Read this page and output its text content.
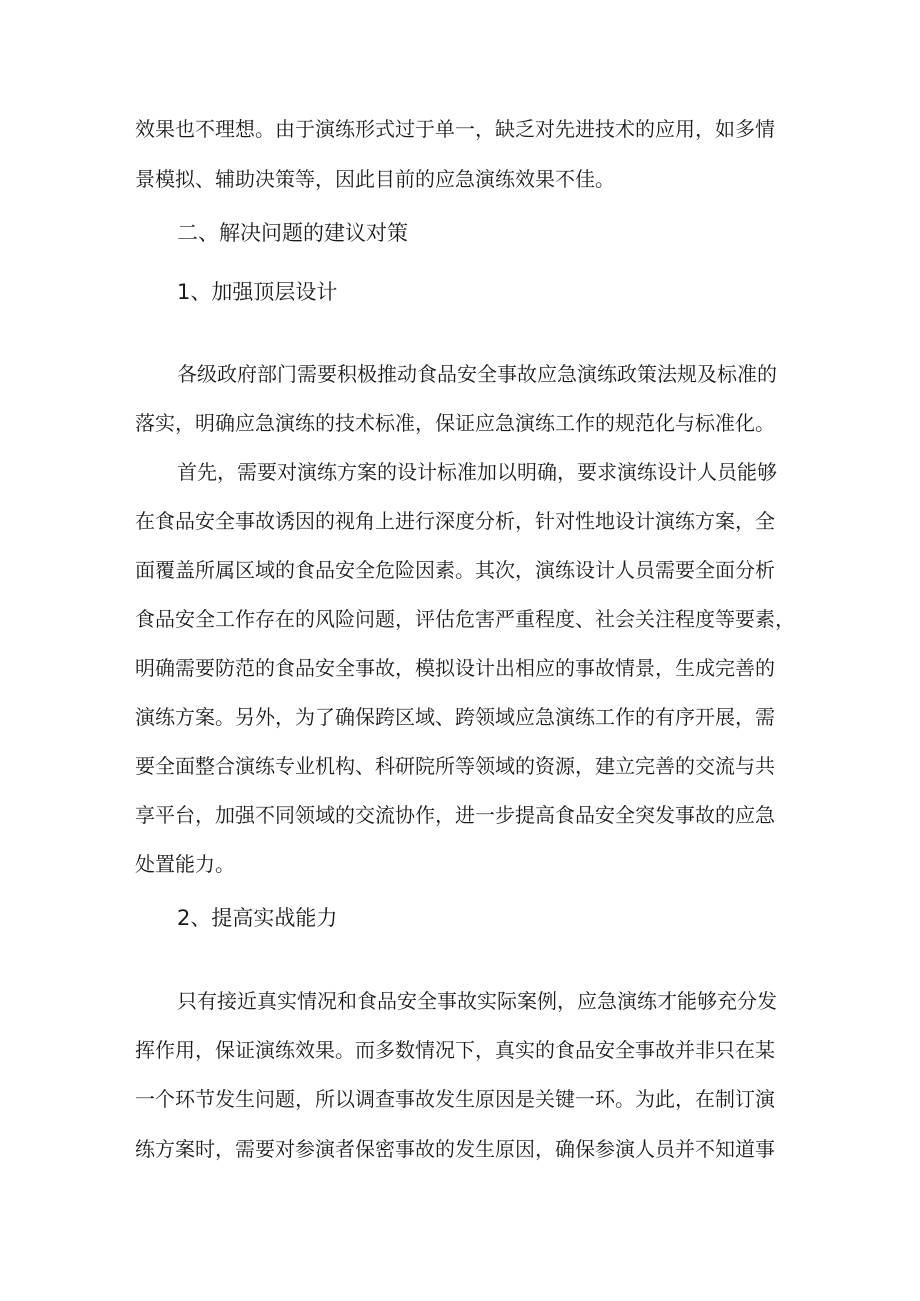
效果也不理想。由于演练形式过于单一，缺乏对先进技术的应用，如多情
景模拟、辅助决策等，因此目前的应急演练效果不佳。
二、解决问题的建议对策
1、加强顶层设计
各级政府部门需要积极推动食品安全事故应急演练政策法规及标准的
落实，明确应急演练的技术标准，保证应急演练工作的规范化与标准化。
首先，需要对演练方案的设计标准加以明确，要求演练设计人员能够
在食品安全事故诱因的视角上进行深度分析，针对性地设计演练方案，全
面覆盖所属区域的食品安全危险因素。其次，演练设计人员需要全面分析
食品安全工作存在的风险问题，评估危害严重程度、社会关注程度等要素，
明确需要防范的食品安全事故，模拟设计出相应的事故情景，生成完善的
演练方案。另外，为了确保跨区域、跨领域应急演练工作的有序开展，需
要全面整合演练专业机构、科研院所等领域的资源，建立完善的交流与共
享平台，加强不同领域的交流协作，进一步提高食品安全突发事故的应急
处置能力。
2、提高实战能力
只有接近真实情况和食品安全事故实际案例，应急演练才能够充分发
挥作用，保证演练效果。而多数情况下，真实的食品安全事故并非只在某
一个环节发生问题，所以调查事故发生原因是关键一环。为此，在制订演
练方案时，需要对参演者保密事故的发生原因，确保参演人员并不知道事
